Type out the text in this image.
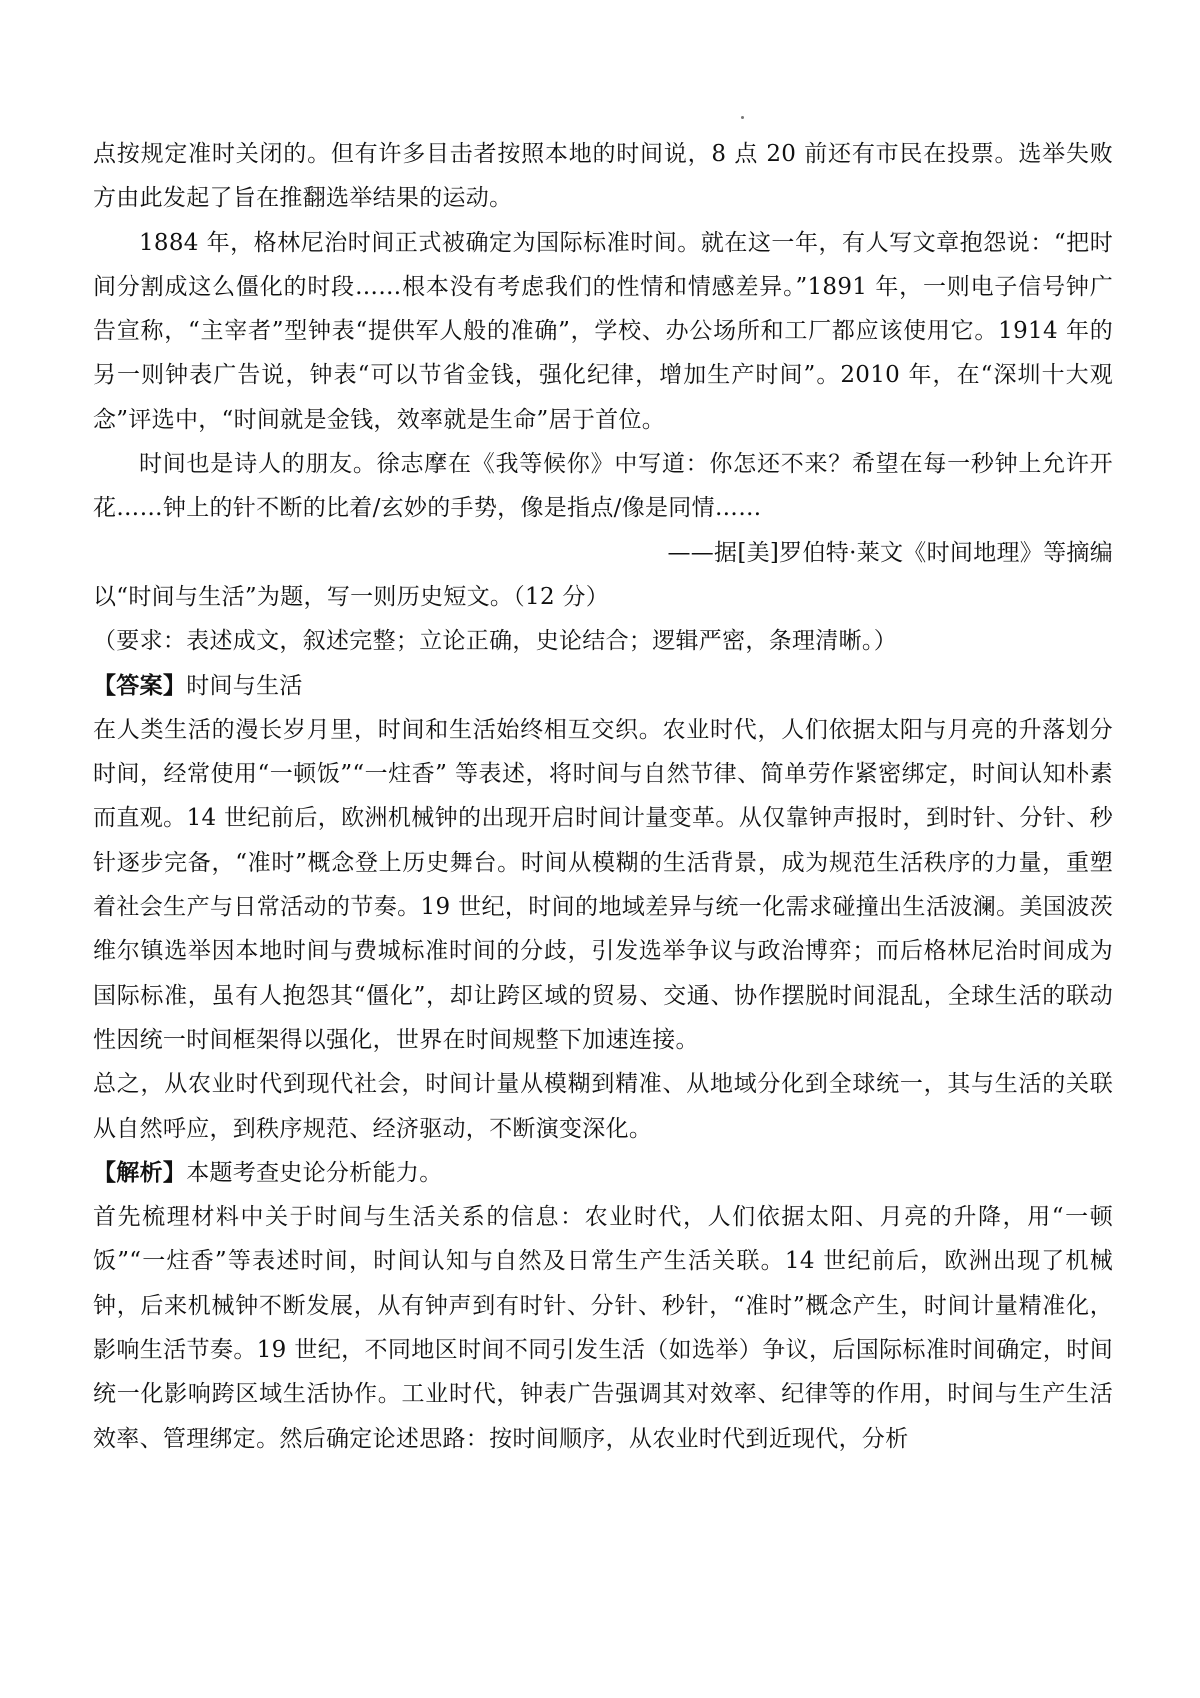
点按规定准时关闭的。但有许多目击者按照本地的时间说，8 点 20 前还有市民在投票。选举失败方由此发起了旨在推翻选举结果的运动。

1884 年，格林尼治时间正式被确定为国际标准时间。就在这一年，有人写文章抱怨说：“把时间分割成这么僵化的时段……根本没有考虑我们的性情和情感差异。”1891 年，一则电子信号钟广告宣称，“主宰者”型钟表“提供军人般的准确”，学校、办公场所和工厂都应该使用它。1914 年的另一则钟表广告说，钟表“可以节省金钱，强化纪律，增加生产时间”。2010 年，在“深圳十大观念”评选中，“时间就是金钱，效率就是生命”居于首位。

时间也是诗人的朋友。徐志摩在《我等候你》中写道：你怎还不来？希望在每一秒钟上允许开花……钟上的针不断的比着/玄妙的手势，像是指点/像是同情……

——据[美]罗伯特·莱文《时间地理》等摘编

以“时间与生活”为题，写一则历史短文。（12 分）

（要求：表述成文，叙述完整；立论正确，史论结合；逻辑严密，条理清晰。）

【答案】时间与生活

在人类生活的漫长岁月里，时间和生活始终相互交织。农业时代，人们依据太阳与月亮的升落划分时间，经常使用“一顿饭”“一炷香” 等表述，将时间与自然节律、简单劳作紧密绑定，时间认知朴素而直观。14 世纪前后，欧洲机械钟的出现开启时间计量变革。从仅靠钟声报时，到时针、分针、秒针逐步完备，“准时”概念登上历史舞台。时间从模糊的生活背景，成为规范生活秩序的力量，重塑着社会生产与日常活动的节奏。19 世纪，时间的地域差异与统一化需求碰撞出生活波澜。美国波茨维尔镇选举因本地时间与费城标准时间的分歧，引发选举争议与政治博弈；而后格林尼治时间成为国际标准，虽有人抱怨其“僵化”，却让跨区域的贸易、交通、协作摆脱时间混乱，全球生活的联动性因统一时间框架得以强化，世界在时间规整下加速连接。

总之，从农业时代到现代社会，时间计量从模糊到精准、从地域分化到全球统一，其与生活的关联从自然呼应，到秩序规范、经济驱动，不断演变深化。

【解析】本题考查史论分析能力。

首先梳理材料中关于时间与生活关系的信息：农业时代，人们依据太阳、月亮的升降，用“一顿饭”“一炷香”等表述时间，时间认知与自然及日常生产生活关联。14 世纪前后，欧洲出现了机械钟，后来机械钟不断发展，从有钟声到有时针、分针、秒针，“准时”概念产生，时间计量精准化，影响生活节奏。19 世纪，不同地区时间不同引发生活（如选举）争议，后国际标准时间确定，时间统一化影响跨区域生活协作。工业时代，钟表广告强调其对效率、纪律等的作用，时间与生产生活效率、管理绑定。然后确定论述思路：按时间顺序，从农业时代到近现代，分析
